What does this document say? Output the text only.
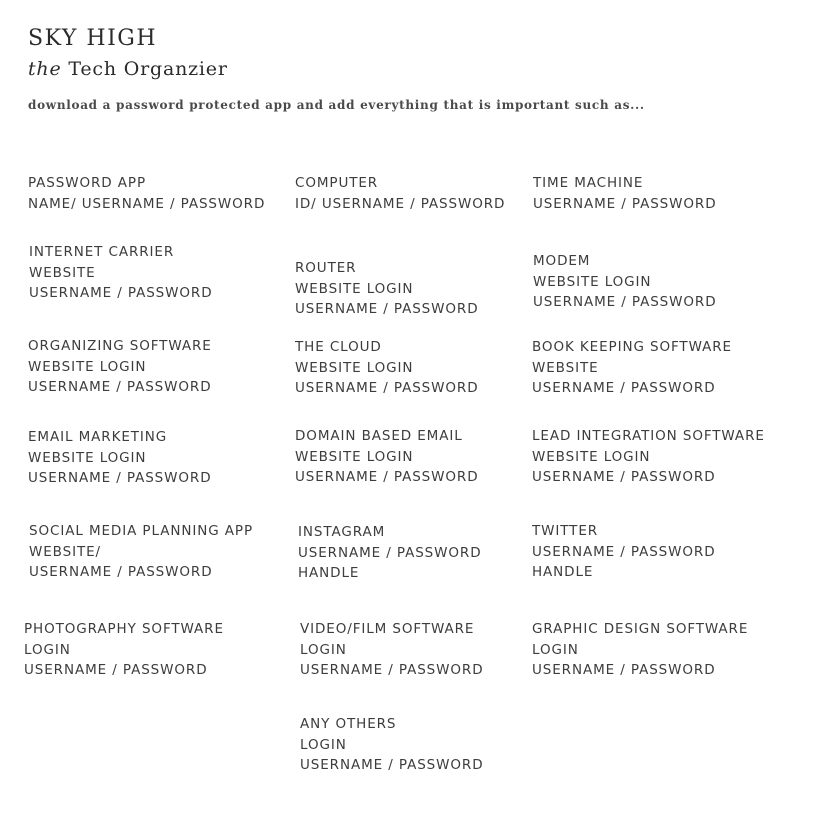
SKY HIGH
the Tech Organzier
download a password protected app and add everything that is important such as...
PASSWORD APP
NAME/ USERNAME / PASSWORD
COMPUTER
ID/ USERNAME / PASSWORD
TIME MACHINE
USERNAME / PASSWORD
INTERNET CARRIER
WEBSITE
USERNAME / PASSWORD
ROUTER
WEBSITE LOGIN
USERNAME / PASSWORD
MODEM
WEBSITE LOGIN
USERNAME / PASSWORD
ORGANIZING SOFTWARE
WEBSITE LOGIN
USERNAME / PASSWORD
THE CLOUD
WEBSITE LOGIN
USERNAME / PASSWORD
BOOK KEEPING SOFTWARE
WEBSITE
USERNAME / PASSWORD
EMAIL MARKETING
WEBSITE LOGIN
USERNAME / PASSWORD
DOMAIN BASED EMAIL
WEBSITE LOGIN
USERNAME / PASSWORD
LEAD INTEGRATION SOFTWARE
WEBSITE LOGIN
USERNAME / PASSWORD
SOCIAL MEDIA PLANNING APP
WEBSITE/
USERNAME / PASSWORD
INSTAGRAM
USERNAME / PASSWORD
HANDLE
TWITTER
USERNAME / PASSWORD
HANDLE
PHOTOGRAPHY SOFTWARE
LOGIN
USERNAME / PASSWORD
VIDEO/FILM SOFTWARE
LOGIN
USERNAME / PASSWORD
GRAPHIC DESIGN SOFTWARE
LOGIN
USERNAME / PASSWORD
ANY OTHERS
LOGIN
USERNAME / PASSWORD
